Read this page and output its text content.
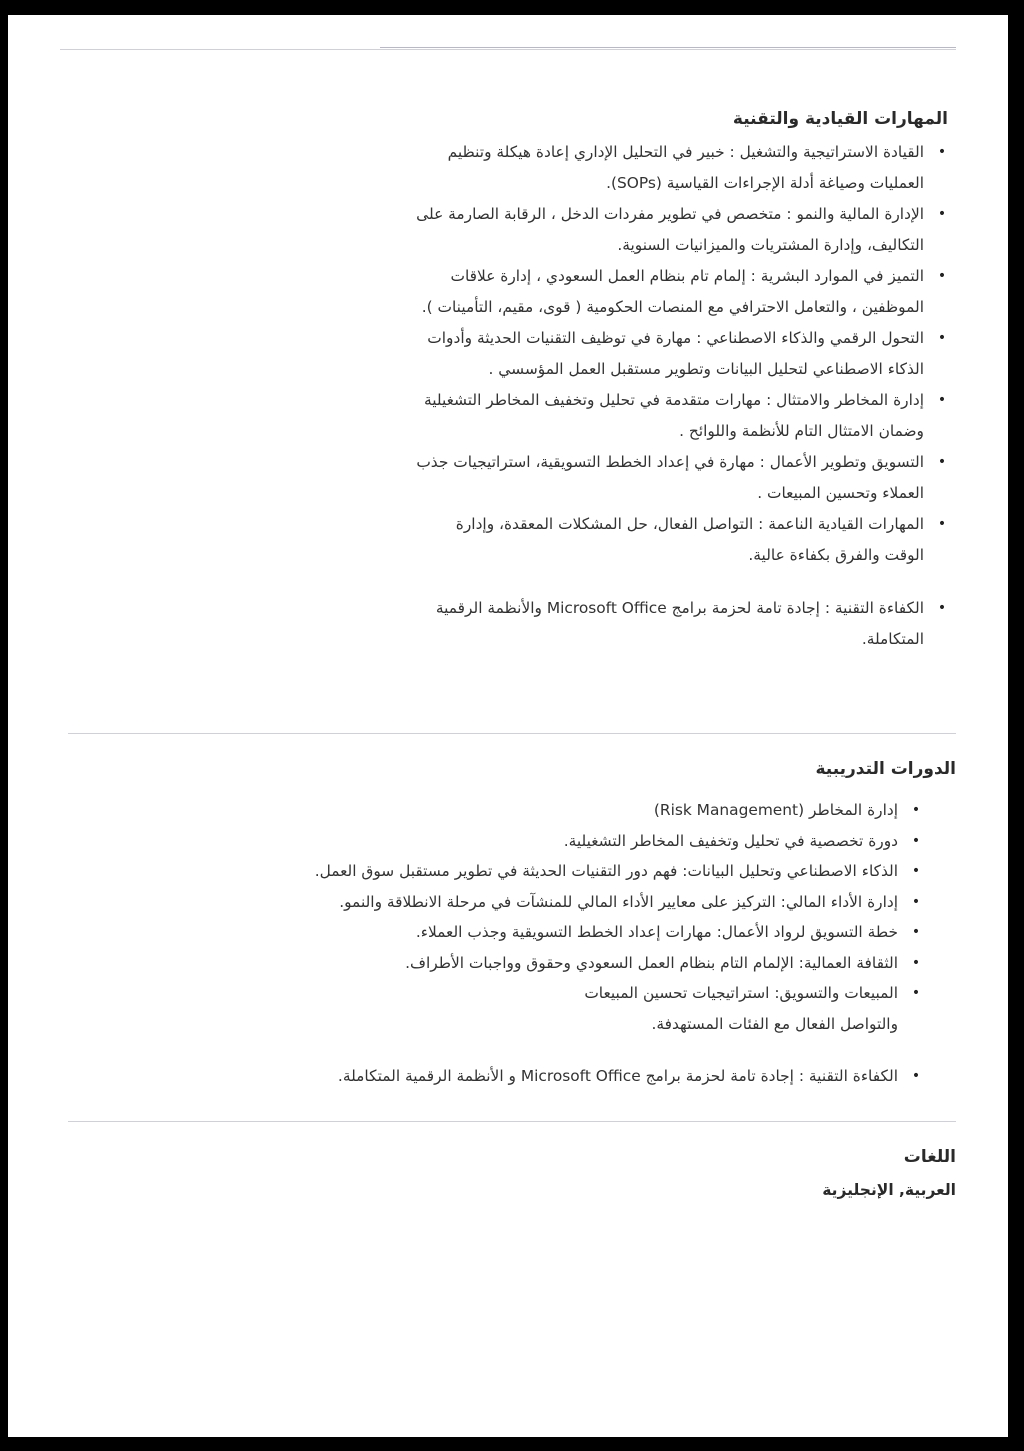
المهارات القيادية والتقنية
•
القيادة الاستراتيجية والتشغيل : خبير في التحليل الإداري إعادة هيكلة وتنظيم العمليات وصياغة أدلة الإجراءات القياسية (SOPs).
•
الإدارة المالية والنمو : متخصص في تطوير مفردات الدخل ، الرقابة الصارمة على التكاليف، وإدارة المشتريات والميزانيات السنوية.
•
التميز في الموارد البشرية : إلمام تام بنظام العمل السعودي ، إدارة علاقات الموظفين ، والتعامل الاحترافي مع المنصات الحكومية ( قوى، مقيم، التأمينات ).
•
التحول الرقمي والذكاء الاصطناعي : مهارة في توظيف التقنيات الحديثة وأدوات الذكاء الاصطناعي لتحليل البيانات وتطوير مستقبل العمل المؤسسي .
•
إدارة المخاطر والامتثال : مهارات متقدمة في تحليل وتخفيف المخاطر التشغيلية وضمان الامتثال التام للأنظمة واللوائح .
•
التسويق وتطوير الأعمال : مهارة في إعداد الخطط التسويقية، استراتيجيات جذب العملاء وتحسين المبيعات .
•
المهارات القيادية الناعمة : التواصل الفعال، حل المشكلات المعقدة، وإدارة الوقت والفرق بكفاءة عالية.
•
الكفاءة التقنية : إجادة تامة لحزمة برامج Microsoft Office والأنظمة الرقمية المتكاملة.
الدورات التدريبية
•
إدارة المخاطر (Risk Management)
•
دورة تخصصية في تحليل وتخفيف المخاطر التشغيلية.
•
الذكاء الاصطناعي وتحليل البيانات: فهم دور التقنيات الحديثة في تطوير مستقبل سوق العمل.
•
إدارة الأداء المالي: التركيز على معايير الأداء المالي للمنشآت في مرحلة الانطلاقة والنمو.
•
خطة التسويق لرواد الأعمال: مهارات إعداد الخطط التسويقية وجذب العملاء.
•
الثقافة العمالية: الإلمام التام بنظام العمل السعودي وحقوق وواجبات الأطراف.
•
المبيعات والتسويق: استراتيجيات تحسين المبيعات والتواصل الفعال مع الفئات المستهدفة.
•
الكفاءة التقنية : إجادة تامة لحزمة برامج Microsoft Office و الأنظمة الرقمية المتكاملة.
اللغات

العربية, الإنجليزية
